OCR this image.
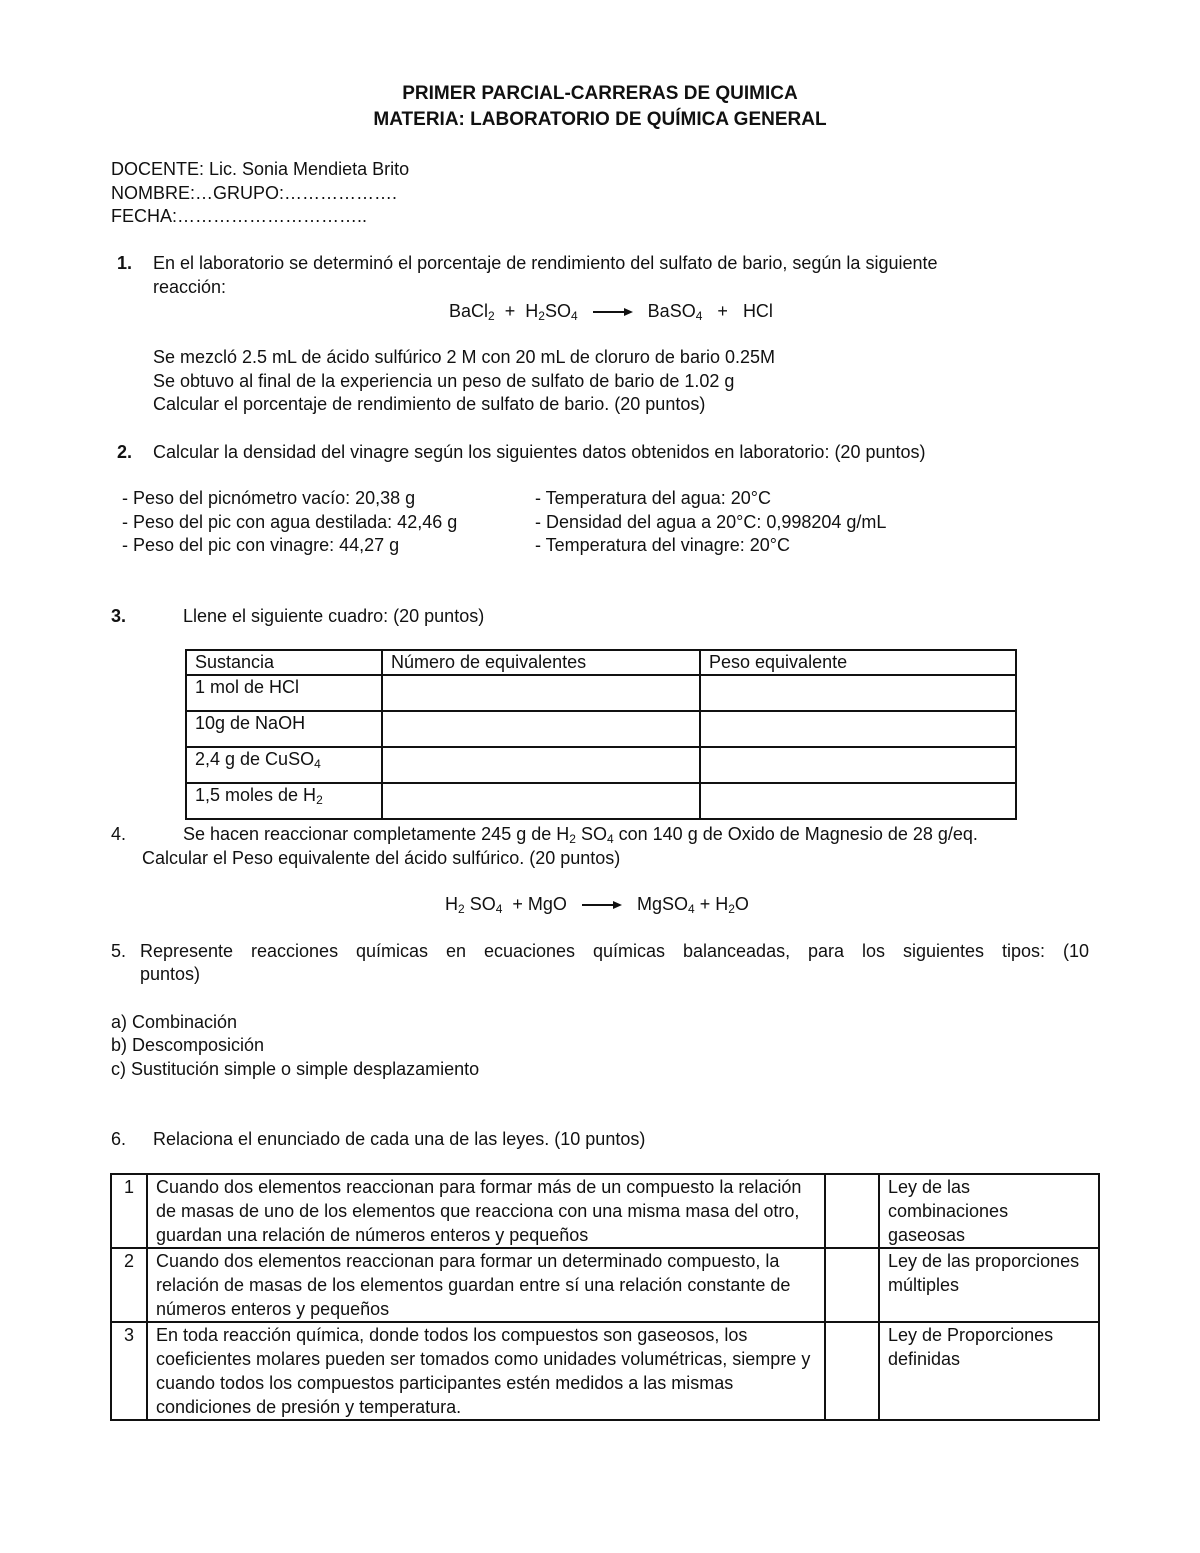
PRIMER PARCIAL-CARRERAS DE QUIMICA
MATERIA: LABORATORIO DE QUÍMICA GENERAL
DOCENTE: Lic. Sonia Mendieta Brito
NOMBRE:…GRUPO:……………….
FECHA:…………………………..
1. En el laboratorio se determinó el porcentaje de rendimiento del sulfato de bario, según la siguiente
reacción:
BaCl$_2$ + $H_2SO_4$	BaSO$_4$ + HCl
Se mezcló 2.5 mL de ácido sulfúrico 2 M con 20 mL de cloruro de bario 0.25M
Se obtuvo al final de la experiencia un peso de sulfato de bario de 1.02 g
Calcular el porcentaje de rendimiento de sulfato de bario. (20 puntos)
2. Calcular la densidad del vinagre según los siguientes datos obtenidos en laboratorio: (20 puntos)
- Peso del picnómetro vacío: 20,38 g
- Peso del pic con agua destilada: 42,46 g
- Peso del pic con vinagre: 44,27 g
- Temperatura del agua: 20°C
- Densidad del agua a 20°C: 0,998204 g/mL
- Temperatura del vinagre: 20°C
3.	Llene el siguiente cuadro: (20 puntos)
Sustancia	Número de equivalentes	Peso equivalente
1 mol de HCl		
10g de NaOH		
2,4 g de CuSO$_4$		
1,5 moles de $H_2$		
4.	Se hacen reaccionar completamente 245 g de $H_2$ $SO_4$ con 140 g de Oxido de Magnesio de 28 g/eq.
Calcular el Peso equivalente del ácido sulfúrico. (20 puntos)
$H_2$ $SO_4$ + MgO	MgSO$_4$ + $H_2O$
5. Represente reacciones químicas en ecuaciones químicas balanceadas, para los siguientes tipos: (10
puntos)
a) Combinación
b) Descomposición
c) Sustitución simple o simple desplazamiento
6. Relaciona el enunciado de cada una de las leyes. (10 puntos)
1	Cuando dos elementos reaccionan para formar más de un compuesto la relación de masas de uno de los elementos que reacciona con una misma masa del otro, guardan una relación de números enteros y pequeños		Ley de las combinaciones gaseosas
2	Cuando dos elementos reaccionan para formar un determinado compuesto, la relación de masas de los elementos guardan entre sí una relación constante de números enteros y pequeños		Ley de las proporciones múltiples
3	En toda reacción química, donde todos los compuestos son gaseosos, los coeficientes molares pueden ser tomados como unidades volumétricas, siempre y cuando todos los compuestos participantes estén medidos a las mismas condiciones de presión y temperatura.		Ley de Proporciones definidas
